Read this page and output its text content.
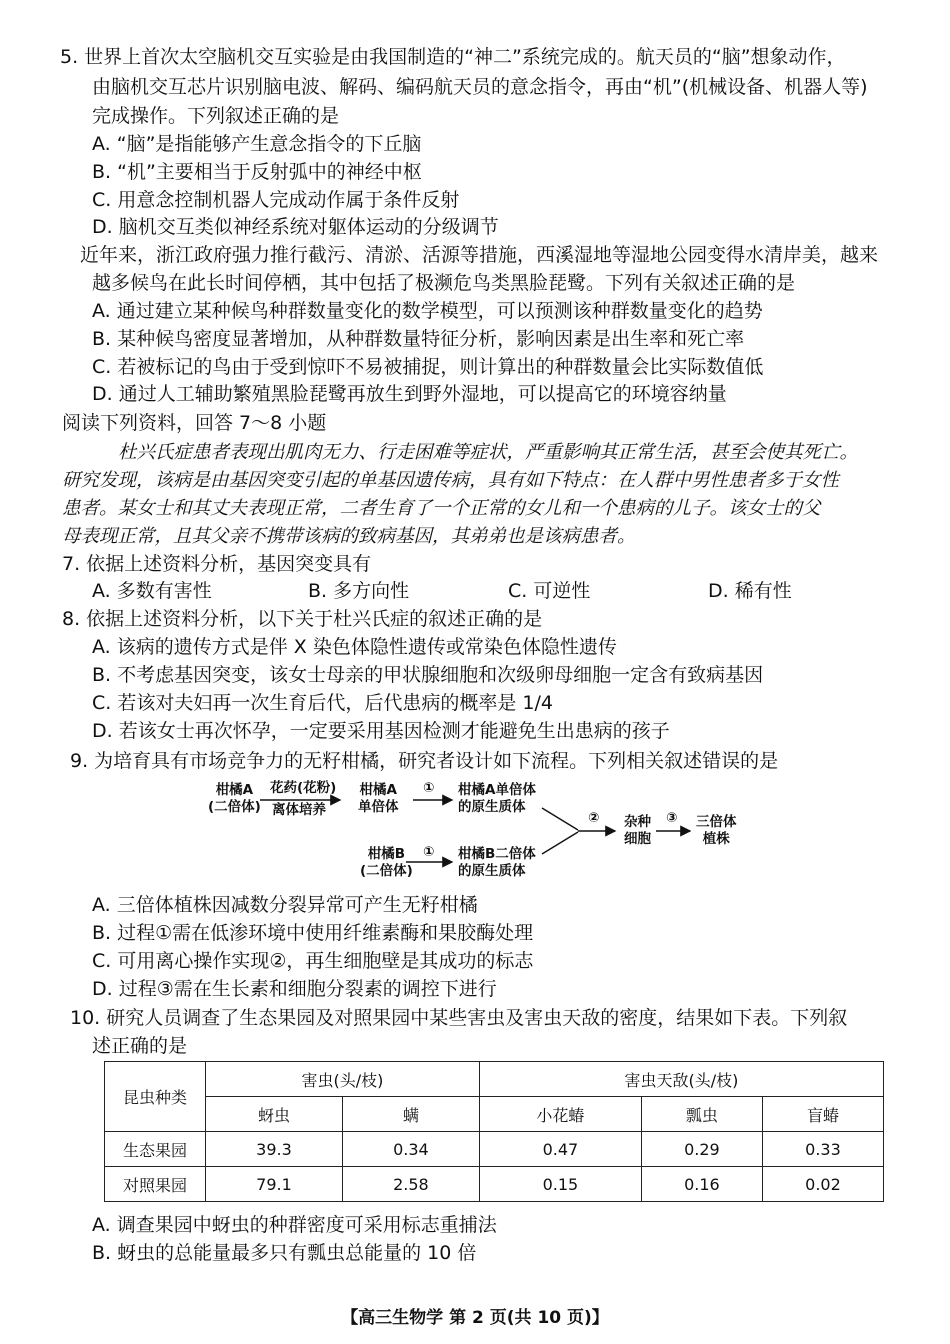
5. 世界上首次太空脑机交互实验是由我国制造的“神二”系统完成的。航天员的“脑”想象动作，
由脑机交互芯片识别脑电波、解码、编码航天员的意念指令，再由“机”(机械设备、机器人等)
完成操作。下列叙述正确的是
A. “脑”是指能够产生意念指令的下丘脑
B. “机”主要相当于反射弧中的神经中枢
C. 用意念控制机器人完成动作属于条件反射
D. 脑机交互类似神经系统对躯体运动的分级调节
近年来，浙江政府强力推行截污、清淤、活源等措施，西溪湿地等湿地公园变得水清岸美，越来
越多候鸟在此长时间停栖，其中包括了极濒危鸟类黑脸琵鹭。下列有关叙述正确的是
A. 通过建立某种候鸟种群数量变化的数学模型，可以预测该种群数量变化的趋势
B. 某种候鸟密度显著增加，从种群数量特征分析，影响因素是出生率和死亡率
C. 若被标记的鸟由于受到惊吓不易被捕捉，则计算出的种群数量会比实际数值低
D. 通过人工辅助繁殖黑脸琵鹭再放生到野外湿地，可以提高它的环境容纳量
阅读下列资料，回答 7～8 小题
杜兴氏症患者表现出肌肉无力、行走困难等症状，严重影响其正常生活，甚至会使其死亡。
研究发现，该病是由基因突变引起的单基因遗传病，具有如下特点：在人群中男性患者多于女性
患者。某女士和其丈夫表现正常，二者生育了一个正常的女儿和一个患病的儿子。该女士的父
母表现正常，且其父亲不携带该病的致病基因，其弟弟也是该病患者。
7. 依据上述资料分析，基因突变具有
A. 多数有害性	B. 多方向性	C. 可逆性	D. 稀有性
8. 依据上述资料分析，以下关于杜兴氏症的叙述正确的是
A. 该病的遗传方式是伴 X 染色体隐性遗传或常染色体隐性遗传
B. 不考虑基因突变，该女士母亲的甲状腺细胞和次级卵母细胞一定含有致病基因
C. 若该对夫妇再一次生育后代，后代患病的概率是 1/4
D. 若该女士再次怀孕，一定要采用基因检测才能避免生出患病的孩子
9. 为培育具有市场竞争力的无籽柑橘，研究者设计如下流程。下列相关叙述错误的是
柑橘A
(二倍体)
花药(花粉)
离体培养
柑橘A
单倍体
① 柑橘A单倍体
的原生质体
柑橘B
(二倍体)
① 柑橘B二倍体
的原生质体
② 杂种
细胞
③ 三倍体
植株
A. 三倍体植株因减数分裂异常可产生无籽柑橘
B. 过程①需在低渗环境中使用纤维素酶和果胶酶处理
C. 可用离心操作实现②，再生细胞壁是其成功的标志
D. 过程③需在生长素和细胞分裂素的调控下进行
10. 研究人员调查了生态果园及对照果园中某些害虫及害虫天敌的密度，结果如下表。下列叙
述正确的是
昆虫种类	害虫(头/枝)		害虫天敌(头/枝)		
	蚜虫	螨	小花蝽	瓢虫	盲蝽
生态果园	39.3	0.34	0.47	0.29	0.33
对照果园	79.1	2.58	0.15	0.16	0.02
A. 调查果园中蚜虫的种群密度可采用标志重捕法
B. 蚜虫的总能量最多只有瓢虫总能量的 10 倍
【高三生物学 第 2 页(共 10 页)】
